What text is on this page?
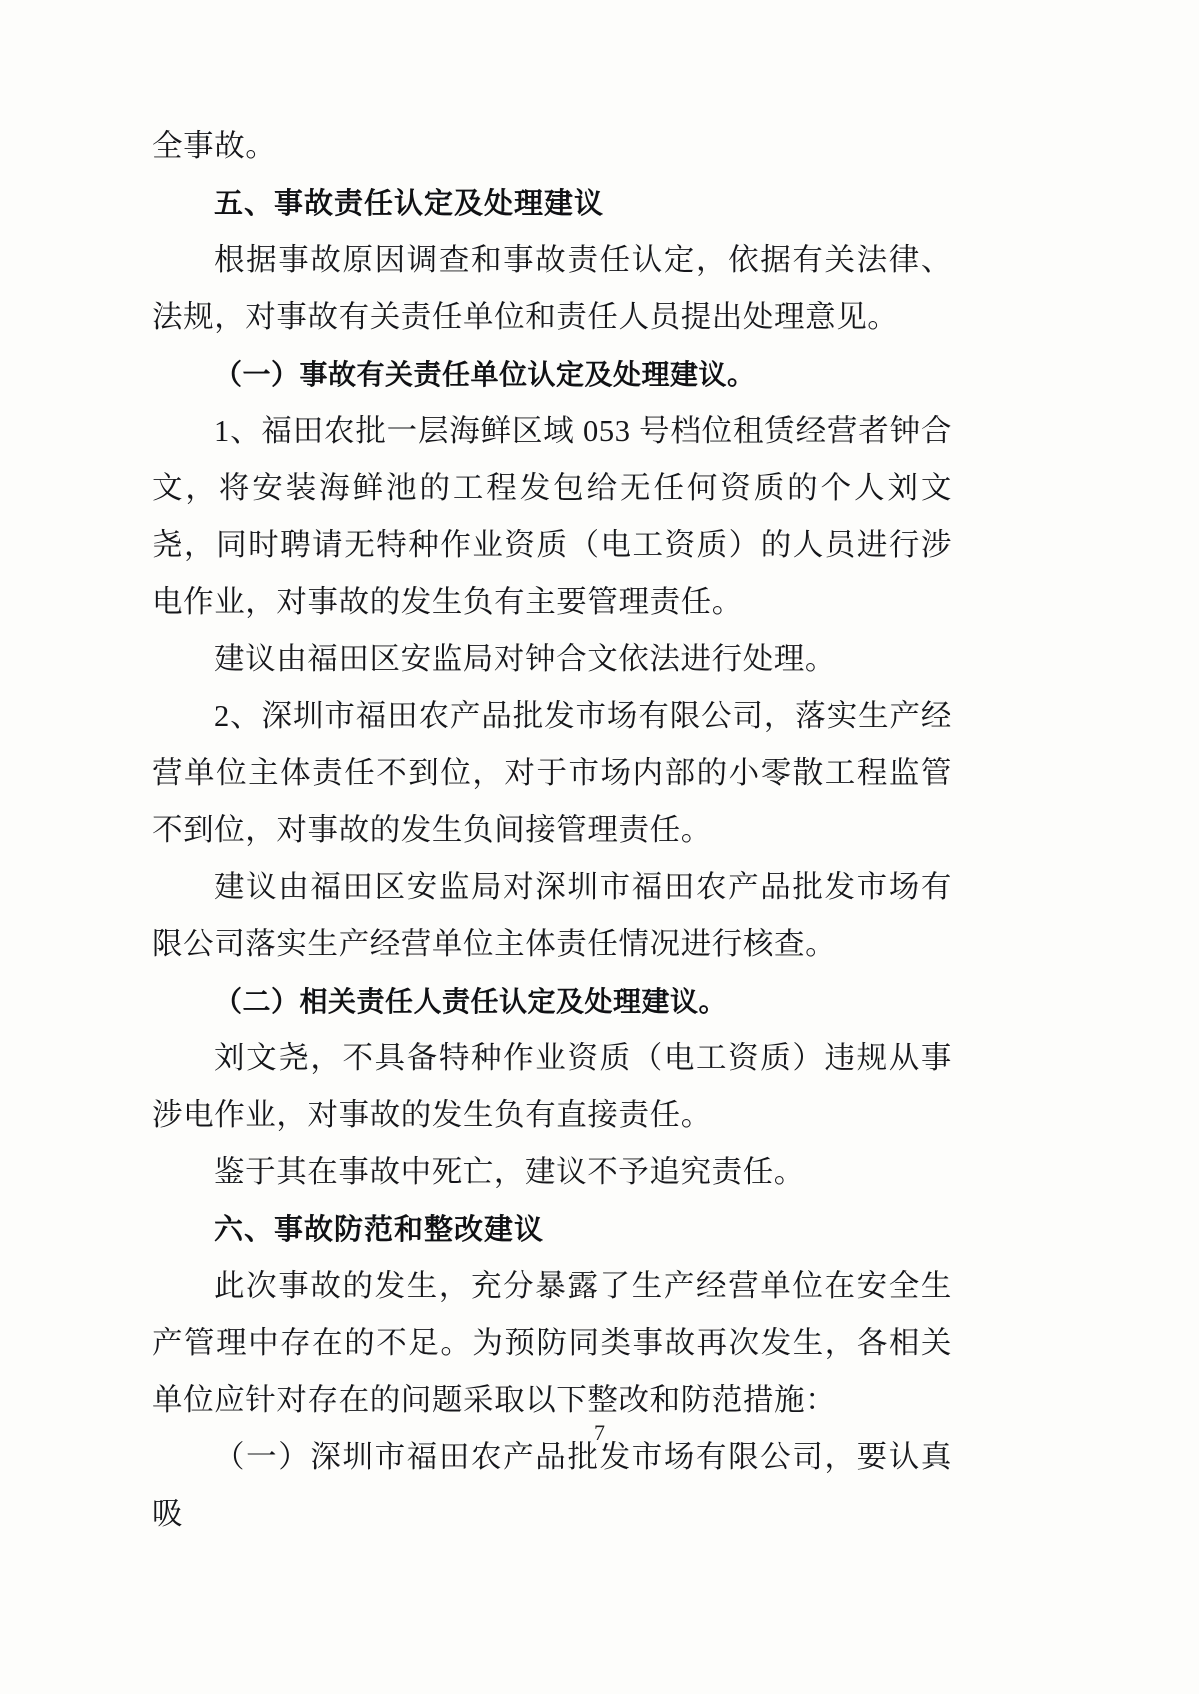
全事故。

五、事故责任认定及处理建议

根据事故原因调查和事故责任认定，依据有关法律、法规，对事故有关责任单位和责任人员提出处理意见。

（一）事故有关责任单位认定及处理建议。

1、福田农批一层海鲜区域 053 号档位租赁经营者钟合文，将安装海鲜池的工程发包给无任何资质的个人刘文尧，同时聘请无特种作业资质（电工资质）的人员进行涉电作业，对事故的发生负有主要管理责任。

建议由福田区安监局对钟合文依法进行处理。

2、深圳市福田农产品批发市场有限公司，落实生产经营单位主体责任不到位，对于市场内部的小零散工程监管不到位，对事故的发生负间接管理责任。

建议由福田区安监局对深圳市福田农产品批发市场有限公司落实生产经营单位主体责任情况进行核查。

（二）相关责任人责任认定及处理建议。

刘文尧，不具备特种作业资质（电工资质）违规从事涉电作业，对事故的发生负有直接责任。

鉴于其在事故中死亡，建议不予追究责任。

六、事故防范和整改建议

此次事故的发生，充分暴露了生产经营单位在安全生产管理中存在的不足。为预防同类事故再次发生，各相关单位应针对存在的问题采取以下整改和防范措施：

（一）深圳市福田农产品批发市场有限公司，要认真吸

7
